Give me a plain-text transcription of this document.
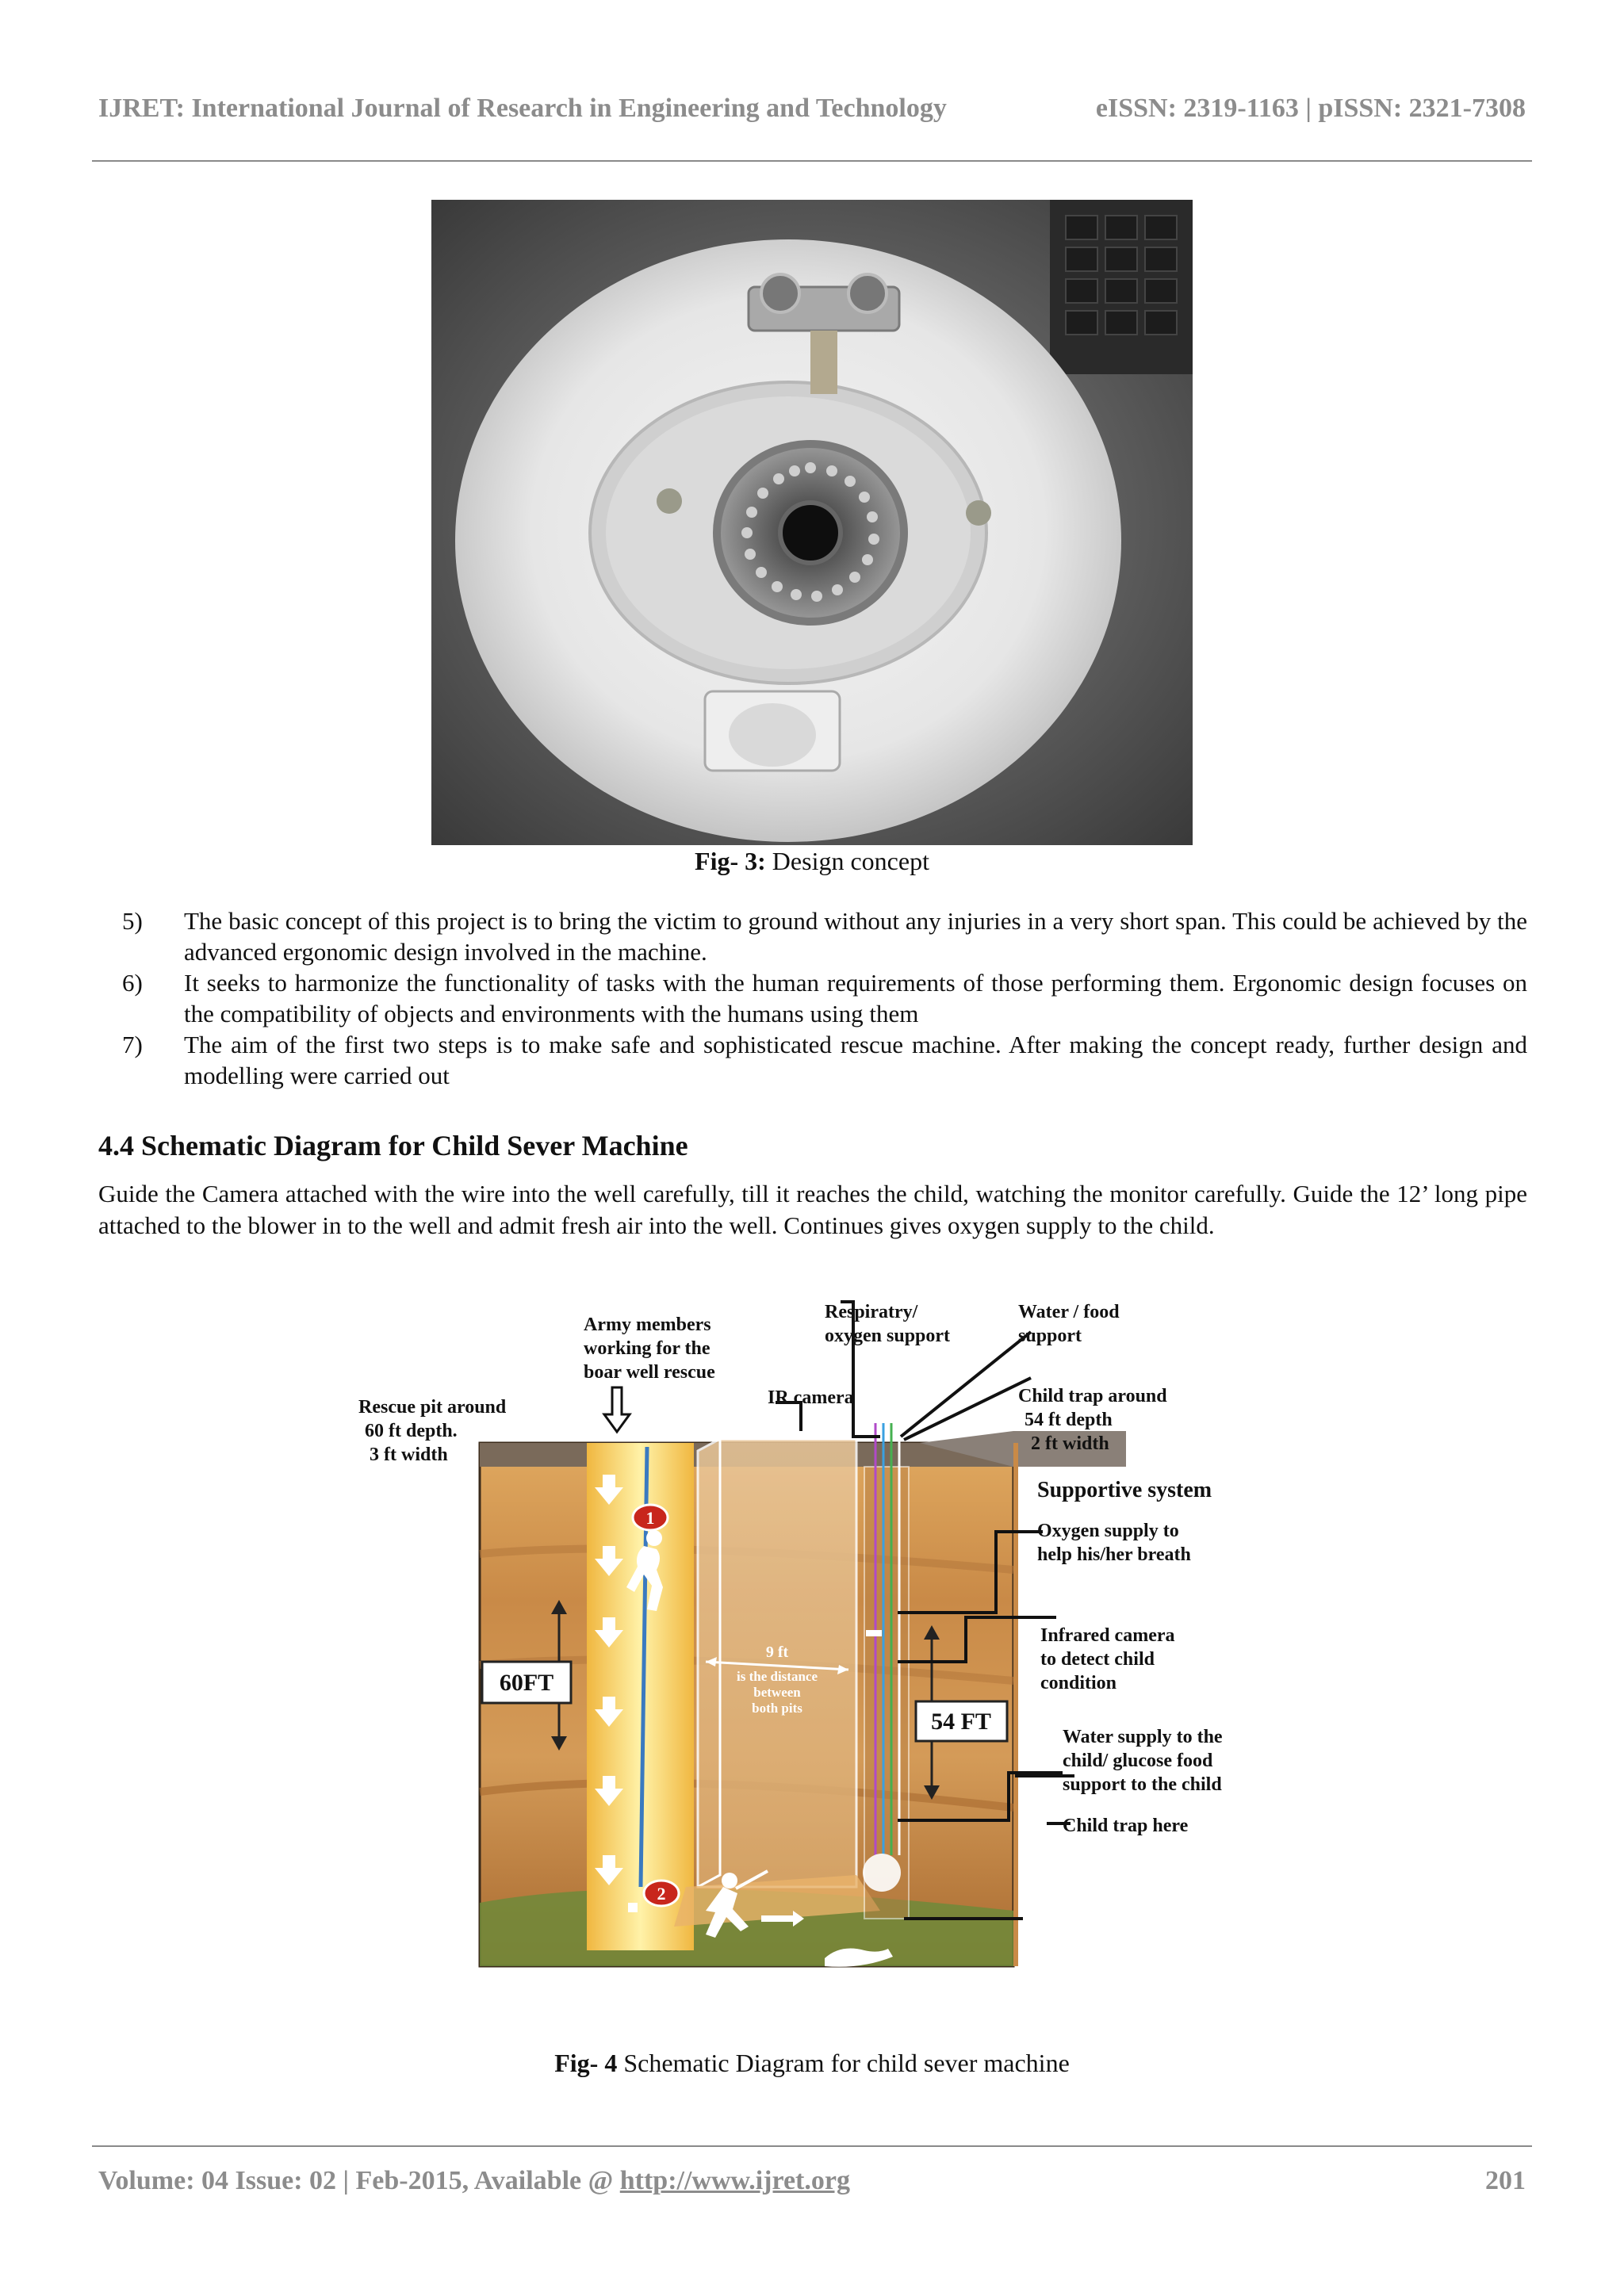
IJRET: International Journal of Research in Engineering and Technology	eISSN: 2319-1163 | pISSN: 2321-7308
Fig- 3: Design concept
5) The basic concept of this project is to bring the victim to ground without any injuries in a very short span. This could be achieved by the advanced ergonomic design involved in the machine.
6) It seeks to harmonize the functionality of tasks with the human requirements of those performing them. Ergonomic design focuses on the compatibility of objects and environments with the humans using them
7) The aim of the first two steps is to make safe and sophisticated rescue machine. After making the concept ready, further design and modelling were carried out
4.4 Schematic Diagram for Child Sever Machine
Guide the Camera attached with the wire into the well carefully, till it reaches the child, watching the monitor carefully. Guide the 12’ long pipe attached to the blower in to the well and admit fresh air into the well. Continues gives oxygen supply to the child.
1
2
9 ft
is the distance
between
both pits
60FT
54 FT
Army members
working for the
boar well rescue
Respiratry/
oxygen support
Water / food
support
Rescue pit around
60 ft depth.
3 ft width
IR camera	Child trap around
54 ft depth
2 ft width
Supportive system
Oxygen supply to
help his/her breath
Infrared camera
to detect child
condition
Water supply to the
child/ glucose food
support to the child
Child trap here
Fig- 4 Schematic Diagram for child sever machine
Volume: 04 Issue: 02 | Feb-2015, Available @ http://www.ijret.org	201
